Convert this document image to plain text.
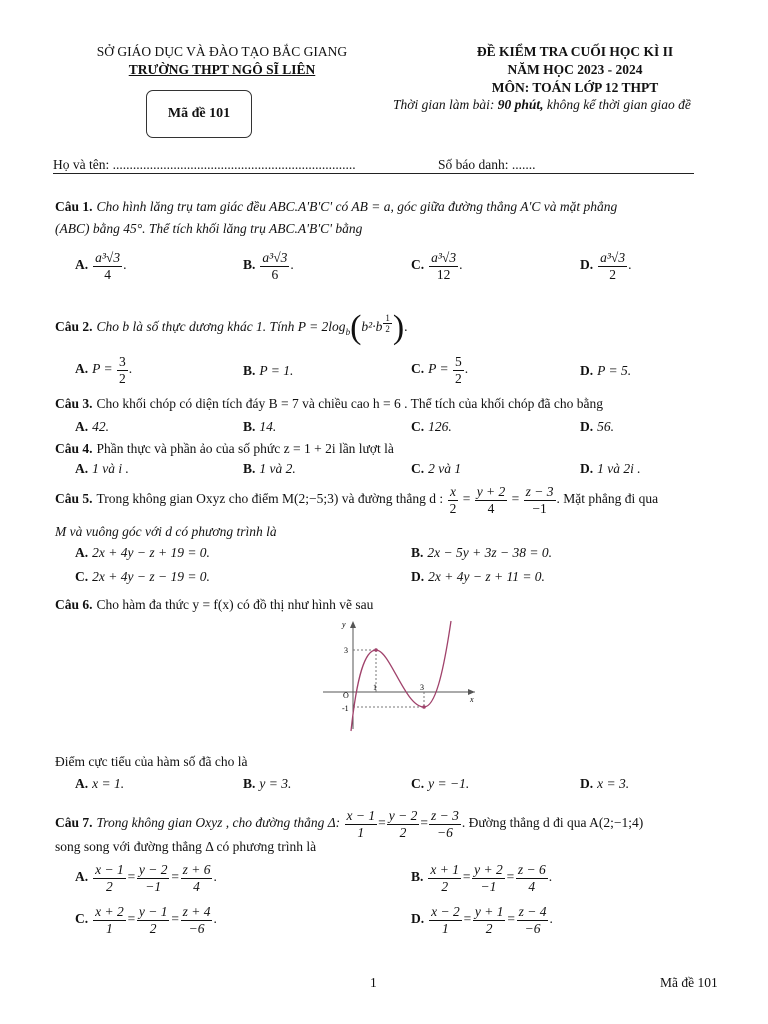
SỞ GIÁO DỤC VÀ ĐÀO TẠO BẮC GIANG
TRƯỜNG THPT NGÔ SĨ LIÊN
ĐỀ KIỂM TRA CUỐI HỌC KÌ II
NĂM HỌC 2023 - 2024
MÔN: TOÁN LỚP 12 THPT
Thời gian làm bài: 90 phút, không kể thời gian giao đề
Mã đề 101
Họ và tên: ........................................................................	Số báo danh: .......
Câu 1. Cho hình lăng trụ tam giác đều ABC.A'B'C' có AB = a, góc giữa đường thẳng A'C và mặt phẳng
(ABC) bằng 45°. Thể tích khối lăng trụ ABC.A'B'C' bằng
A. $\frac{\text{a³√3}}{4}$ .	B. $\frac{\text{a³√3}}{6}$ .	C. $\frac{\text{a³√3}}{12}$ .	D. $\frac{\text{a³√3}}{2}$ .
Câu 2. Cho b là số thực dương khác 1. Tính $P = 2\log_b(b^2\cdot b$ $^{\frac{1}{2}}$ ).
A. $P = \frac{3}{2}$ .	B. P = 1.	C. $P = \frac{5}{2}$ .	D. P = 5.
Câu 3. Cho khối chóp có diện tích đáy B = 7 và chiều cao h = 6 . Thể tích của khối chóp đã cho bằng
A. 42.	B. 14.	C. 126.	D. 56.
Câu 4. Phần thực và phần ảo của số phức z = 1 + 2i lần lượt là
A. 1 và i .	B. 1 và 2.	C. 2 và 1	D. 1 và 2i .
Câu 5. Trong không gian Oxyz cho điểm M(2;−5;3) và đường thẳng d : $\frac{x}{2} = \frac{y + 2}{4} = \frac{z - 3}{-1}$ . Mặt phẳng đi qua
M và vuông góc với d có phương trình là
A. 2x + 4y − z + 19 = 0.	B. 2x − 5y + 3z − 38 = 0.
C. 2x + 4y − z − 19 = 0.	D. 2x + 4y − z + 11 = 0.
Câu 6. Cho hàm đa thức y = f(x) có đồ thị như hình vẽ sau
y
x
O
3
-1
1	3
Điểm cực tiểu của hàm số đã cho là
A. x = 1.	B. y = 3.	C. y = −1.	D. x = 3.
Câu 7. Trong không gian Oxyz , cho đường thẳng Δ: $\frac{x - 1}{1} = \frac{y - 2}{2} = \frac{z - 3}{-6}$ . Đường thẳng d đi qua A(2;−1;4)
song song với đường thẳng Δ có phương trình là
A. $\frac{x - 1}{2} = \frac{y - 2}{-1} = \frac{z + 6}{4}$ .	B. $\frac{x + 1}{2} = \frac{y + 2}{-1} = \frac{z - 6}{4}$ .
C. $\frac{x + 2}{1} = \frac{y - 1}{2} = \frac{z + 4}{-6}$ .	D. $\frac{x - 2}{1} = \frac{y + 1}{2} = \frac{z - 4}{-6}$ .
1	Mã đề 101
